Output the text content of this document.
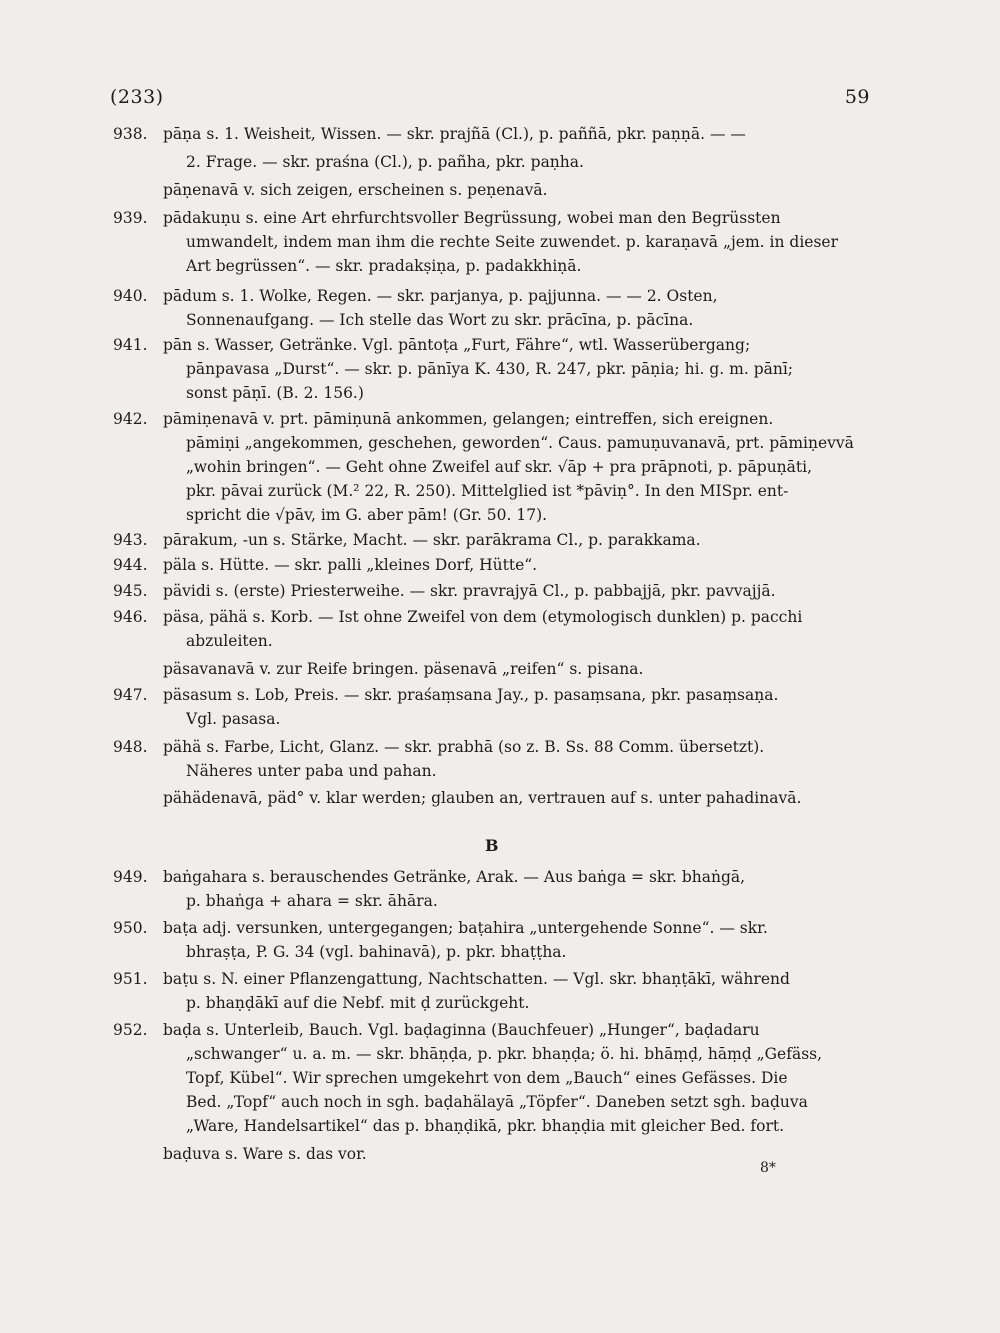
(233)	59
938. pāṇa s. 1. Weisheit, Wissen. — skr. prajñā (Cl.), p. paññā, pkr. paṇṇā. — —
2. Frage. — skr. praśna (Cl.), p. pañha, pkr. paṇha.
pāṇenavā v. sich zeigen, erscheinen s. peṇenavā.
939. pādakuṇu s. eine Art ehrfurchtsvoller Begrüssung, wobei man den Begrüssten
umwandelt, indem man ihm die rechte Seite zuwendet. p. karaṇavā „jem. in dieser
Art begrüssen“. — skr. pradakṣiṇa, p. padakkhiṇā.
940. pādum s. 1. Wolke, Regen. — skr. parjanya, p. pajjunna. — — 2. Osten,
Sonnenaufgang. — Ich stelle das Wort zu skr. prācīna, p. pācīna.
941. pān s. Wasser, Getränke. Vgl. pāntoṭa „Furt, Fähre“, wtl. Wasserübergang;
pānpavasa „Durst“. — skr. p. pānīya K. 430, R. 247, pkr. pāṇia; hi. g. m. pānī;
sonst pāṇī. (B. 2. 156.)
942. pāmiṇenavā v. prt. pāmiṇunā ankommen, gelangen; eintreffen, sich ereignen.
pāmiṇi „angekommen, geschehen, geworden“. Caus. pamuṇuvanavā, prt. pāmiṇevvā
„wohin bringen“. — Geht ohne Zweifel auf skr. √āp + pra prāpnoti, p. pāpuṇāti,
pkr. pāvai zurück (M.² 22, R. 250). Mittelglied ist *pāviṇ°. In den MISpr. ent-
spricht die √pāv, im G. aber pām! (Gr. 50. 17).
943. pārakum, -un s. Stärke, Macht. — skr. parākrama Cl., p. parakkama.
944. päla s. Hütte. — skr. palli „kleines Dorf, Hütte“.
945. pävidi s. (erste) Priesterweihe. — skr. pravrajyā Cl., p. pabbajjā, pkr. pavvajjā.
946. päsa, pähä s. Korb. — Ist ohne Zweifel von dem (etymologisch dunklen) p. pacchi
abzuleiten.
päsavanavā v. zur Reife bringen. päsenavā „reifen“ s. pisana.
947. päsasum s. Lob, Preis. — skr. praśaṃsana Jay., p. pasaṃsana, pkr. pasaṃsaṇa.
Vgl. pasasa.
948. pähä s. Farbe, Licht, Glanz. — skr. prabhā (so z. B. Ss. 88 Comm. übersetzt).
Näheres unter paba und pahan.
pähädenavā, päd° v. klar werden; glauben an, vertrauen auf s. unter pahadinavā.
B
949. baṅgahara s. berauschendes Getränke, Arak. — Aus baṅga = skr. bhaṅgā,
p. bhaṅga + ahara = skr. āhāra.
950. baṭa adj. versunken, untergegangen; baṭahira „untergehende Sonne“. — skr.
bhraṣṭa, P. G. 34 (vgl. bahinavā), p. pkr. bhaṭṭha.
951. baṭu s. N. einer Pflanzengattung, Nachtschatten. — Vgl. skr. bhaṇṭākī, während
p. bhaṇḍākī auf die Nebf. mit ḍ zurückgeht.
952. baḍa s. Unterleib, Bauch. Vgl. baḍaginna (Bauchfeuer) „Hunger“, baḍadaru
„schwanger“ u. a. m. — skr. bhāṇḍa, p. pkr. bhaṇḍa; ö. hi. bhāṃḍ, hāṃḍ „Gefäss,
Topf, Kübel“. Wir sprechen umgekehrt von dem „Bauch“ eines Gefässes. Die
Bed. „Topf“ auch noch in sgh. baḍahälayā „Töpfer“. Daneben setzt sgh. baḍuva
„Ware, Handelsartikel“ das p. bhaṇḍikā, pkr. bhaṇḍia mit gleicher Bed. fort.
baḍuva s. Ware s. das vor.
8*
